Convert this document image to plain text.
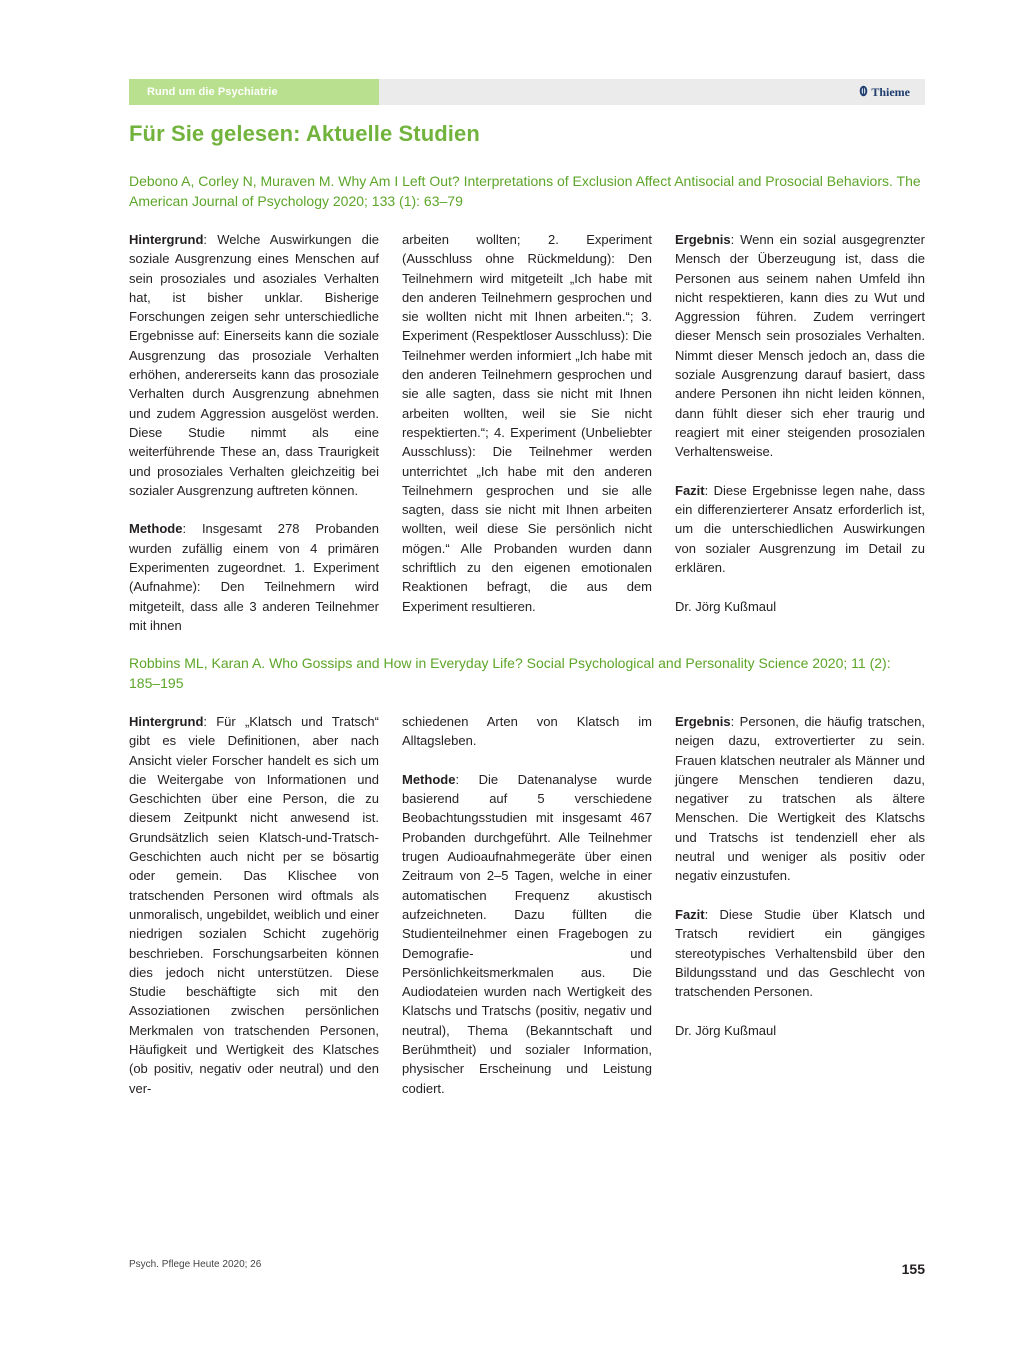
Rund um die Psychiatrie	Thieme
Für Sie gelesen: Aktuelle Studien

Debono A, Corley N, Muraven M. Why Am I Left Out? Interpretations of Exclusion Affect Antisocial and Prosocial Behaviors. The American Journal of Psychology 2020; 133 (1): 63–79

Hintergrund: Welche Auswirkungen die soziale Ausgrenzung eines Menschen auf sein prosoziales und asoziales Verhalten hat, ist bisher unklar. Bisherige Forschungen zeigen sehr unterschiedliche Ergebnisse auf: Einerseits kann die soziale Ausgrenzung das prosoziale Verhalten erhöhen, andererseits kann das prosoziale Verhalten durch Ausgrenzung abnehmen und zudem Aggression ausgelöst werden. Diese Studie nimmt als eine weiterführende These an, dass Traurigkeit und prosoziales Verhalten gleichzeitig bei sozialer Ausgrenzung auftreten können.

Methode: Insgesamt 278 Probanden wurden zufällig einem von 4 primären Experimenten zugeordnet. 1. Experiment (Aufnahme): Den Teilnehmern wird mitgeteilt, dass alle 3 anderen Teilnehmer mit ihnen

arbeiten wollten; 2. Experiment (Ausschluss ohne Rückmeldung): Den Teilnehmern wird mitgeteilt „Ich habe mit den anderen Teilnehmern gesprochen und sie wollten nicht mit Ihnen arbeiten.“; 3. Experiment (Respektloser Ausschluss): Die Teilnehmer werden informiert „Ich habe mit den anderen Teilnehmern gesprochen und sie alle sagten, dass sie nicht mit Ihnen arbeiten wollten, weil sie Sie nicht respektierten.“; 4. Experiment (Unbeliebter Ausschluss): Die Teilnehmer werden unterrichtet „Ich habe mit den anderen Teilnehmern gesprochen und sie alle sagten, dass sie nicht mit Ihnen arbeiten wollten, weil diese Sie persönlich nicht mögen.“ Alle Probanden wurden dann schriftlich zu den eigenen emotionalen Reaktionen befragt, die aus dem Experiment resultieren.

Ergebnis: Wenn ein sozial ausgegrenzter Mensch der Überzeugung ist, dass die Personen aus seinem nahen Umfeld ihn nicht respektieren, kann dies zu Wut und Aggression führen. Zudem verringert dieser Mensch sein prosoziales Verhalten. Nimmt dieser Mensch jedoch an, dass die soziale Ausgrenzung darauf basiert, dass andere Personen ihn nicht leiden können, dann fühlt dieser sich eher traurig und reagiert mit einer steigenden prosozialen Verhaltensweise.

Fazit: Diese Ergebnisse legen nahe, dass ein differenzierterer Ansatz erforderlich ist, um die unterschiedlichen Auswirkungen von sozialer Ausgrenzung im Detail zu erklären.

Dr. Jörg Kußmaul

Robbins ML, Karan A. Who Gossips and How in Everyday Life? Social Psychological and Personality Science 2020; 11 (2): 185–195

Hintergrund: Für „Klatsch und Tratsch“ gibt es viele Definitionen, aber nach Ansicht vieler Forscher handelt es sich um die Weitergabe von Informationen und Geschichten über eine Person, die zu diesem Zeitpunkt nicht anwesend ist. Grundsätzlich seien Klatsch-und-Tratsch-Geschichten auch nicht per se bösartig oder gemein. Das Klischee von tratschenden Personen wird oftmals als unmoralisch, ungebildet, weiblich und einer niedrigen sozialen Schicht zugehörig beschrieben. Forschungsarbeiten können dies jedoch nicht unterstützen. Diese Studie beschäftigte sich mit den Assoziationen zwischen persönlichen Merkmalen von tratschenden Personen, Häufigkeit und Wertigkeit des Klatsches (ob positiv, negativ oder neutral) und den ver-

schiedenen Arten von Klatsch im Alltagsleben.

Methode: Die Datenanalyse wurde basierend auf 5 verschiedene Beobachtungsstudien mit insgesamt 467 Probanden durchgeführt. Alle Teilnehmer trugen Audioaufnahmegeräte über einen Zeitraum von 2–5 Tagen, welche in einer automatischen Frequenz akustisch aufzeichneten. Dazu füllten die Studienteilnehmer einen Fragebogen zu Demografie- und Persönlichkeitsmerkmalen aus. Die Audiodateien wurden nach Wertigkeit des Klatschs und Tratschs (positiv, negativ und neutral), Thema (Bekanntschaft und Berühmtheit) und sozialer Information, physischer Erscheinung und Leistung codiert.

Ergebnis: Personen, die häufig tratschen, neigen dazu, extrovertierter zu sein. Frauen klatschen neutraler als Männer und jüngere Menschen tendieren dazu, negativer zu tratschen als ältere Menschen. Die Wertigkeit des Klatschs und Tratschs ist tendenziell eher als neutral und weniger als positiv oder negativ einzustufen.

Fazit: Diese Studie über Klatsch und Tratsch revidiert ein gängiges stereotypisches Verhaltensbild über den Bildungsstand und das Geschlecht von tratschenden Personen.

Dr. Jörg Kußmaul

Psych. Pflege Heute 2020; 26	155
